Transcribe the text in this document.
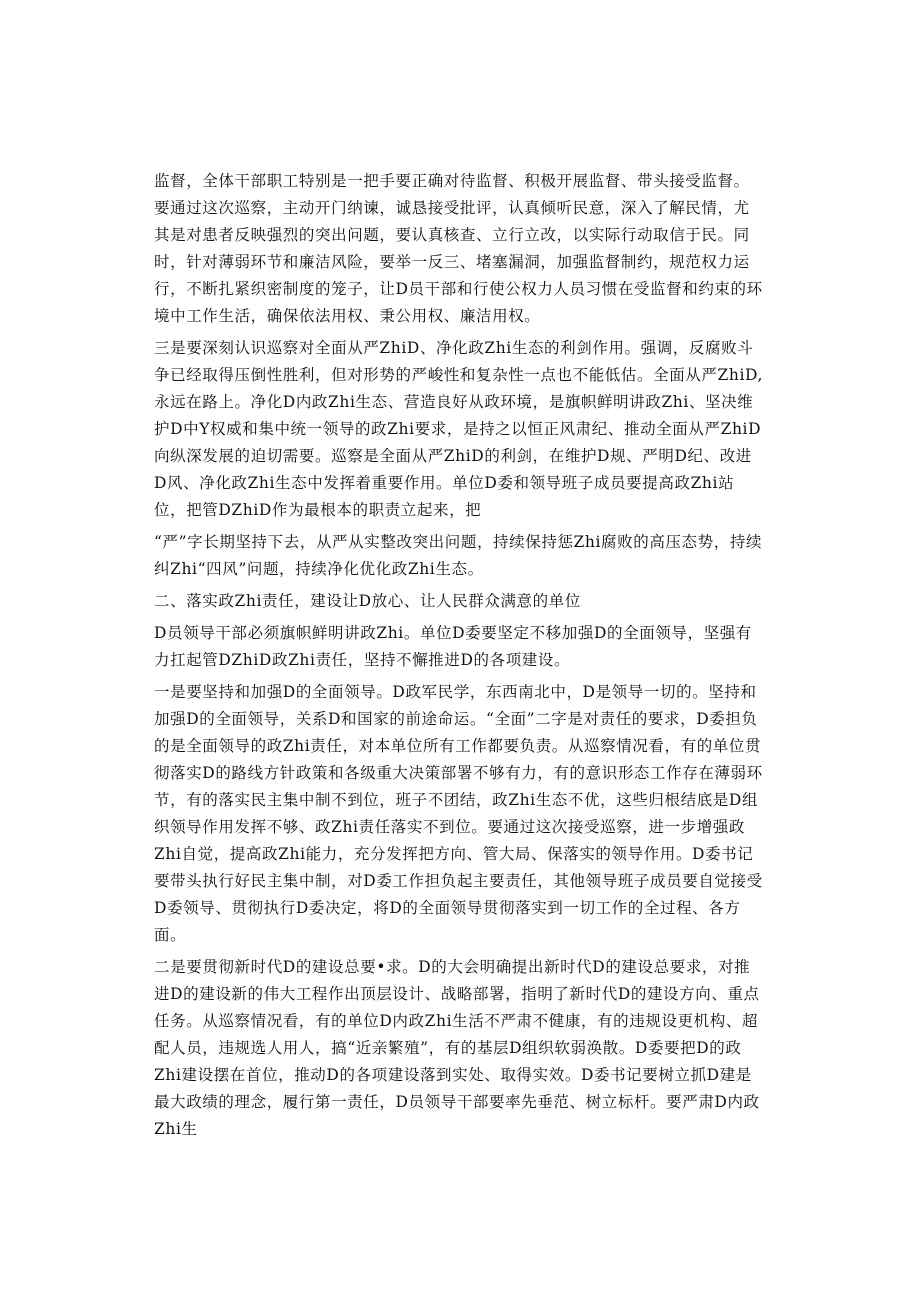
监督，全体干部职工特别是一把手要正确对待监督、积极开展监督、带头接受监督。要通过这次巡察，主动开门纳谏，诚恳接受批评，认真倾听民意，深入了解民情，尤其是对患者反映强烈的突出问题，要认真核查、立行立改，以实际行动取信于民。同时，针对薄弱环节和廉洁风险，要举一反三、堵塞漏洞，加强监督制约，规范权力运行，不断扎紧织密制度的笼子，让D员干部和行使公权力人员习惯在受监督和约束的环境中工作生活，确保依法用权、秉公用权、廉洁用权。

三是要深刻认识巡察对全面从严ZhiD、净化政Zhi生态的利剑作用。强调，反腐败斗争已经取得压倒性胜利，但对形势的严峻性和复杂性一点也不能低估。全面从严ZhiD,永远在路上。净化D内政Zhi生态、营造良好从政环境，是旗帜鲜明讲政Zhi、坚决维护D中Y权威和集中统一领导的政Zhi要求，是持之以恒正风肃纪、推动全面从严ZhiD向纵深发展的迫切需要。巡察是全面从严ZhiD的利剑，在维护D规、严明D纪、改进D风、净化政Zhi生态中发挥着重要作用。单位D委和领导班子成员要提高政Zhi站位，把管DZhiD作为最根本的职责立起来，把

“严”字长期坚持下去，从严从实整改突出问题，持续保持惩Zhi腐败的高压态势，持续纠Zhi“四风”问题，持续净化优化政Zhi生态。

二、落实政Zhi责任，建设让D放心、让人民群众满意的单位

D员领导干部必须旗帜鲜明讲政Zhi。单位D委要坚定不移加强D的全面领导，坚强有力扛起管DZhiD政Zhi责任，坚持不懈推进D的各项建设。

一是要坚持和加强D的全面领导。D政军民学，东西南北中，D是领导一切的。坚持和加强D的全面领导，关系D和国家的前途命运。“全面”二字是对责任的要求，D委担负的是全面领导的政Zhi责任，对本单位所有工作都要负责。从巡察情况看，有的单位贯彻落实D的路线方针政策和各级重大决策部署不够有力，有的意识形态工作存在薄弱环节，有的落实民主集中制不到位，班子不团结，政Zhi生态不优，这些归根结底是D组织领导作用发挥不够、政Zhi责任落实不到位。要通过这次接受巡察，进一步增强政Zhi自觉，提高政Zhi能力，充分发挥把方向、管大局、保落实的领导作用。D委书记要带头执行好民主集中制，对D委工作担负起主要责任，其他领导班子成员要自觉接受D委领导、贯彻执行D委决定，将D的全面领导贯彻落实到一切工作的全过程、各方面。

二是要贯彻新时代D的建设总要•求。D的大会明确提出新时代D的建设总要求，对推进D的建设新的伟大工程作出顶层设计、战略部署，指明了新时代D的建设方向、重点任务。从巡察情况看，有的单位D内政Zhi生活不严肃不健康，有的违规设更机构、超配人员，违规选人用人，搞“近亲繁殖”，有的基层D组织软弱涣散。D委要把D的政Zhi建设摆在首位，推动D的各项建设落到实处、取得实效。D委书记要树立抓D建是最大政绩的理念，履行第一责任，D员领导干部要率先垂范、树立标杆。要严肃D内政Zhi生
